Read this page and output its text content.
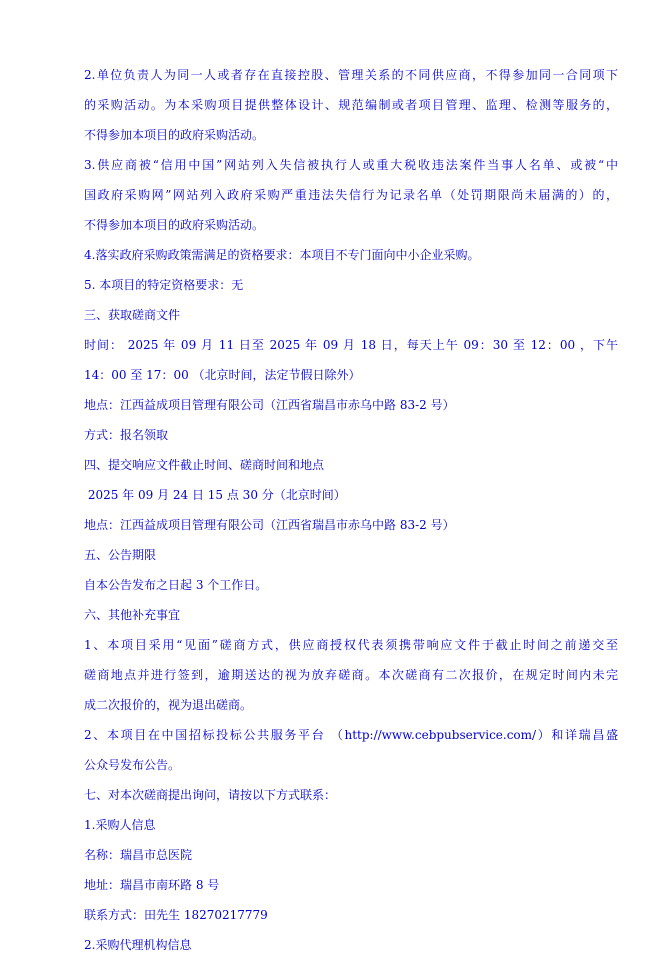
2.单位负责人为同一人或者存在直接控股、管理关系的不同供应商，不得参加同一合同项下
的采购活动。为本采购项目提供整体设计、规范编制或者项目管理、监理、检测等服务的，
不得参加本项目的政府采购活动。
3.供应商被“信用中国”网站列入失信被执行人或重大税收违法案件当事人名单、或被“中
国政府采购网”网站列入政府采购严重违法失信行为记录名单（处罚期限尚未届满的）的，
不得参加本项目的政府采购活动。
4.落实政府采购政策需满足的资格要求：本项目不专门面向中小企业采购。
5. 本项目的特定资格要求：无
三、获取磋商文件
时间： 2025 年 09 月 11 日至 2025 年 09 月 18 日，每天上午 09：30 至 12：00 ，下午
14：00 至 17：00 （北京时间，法定节假日除外）
地点：江西益成项目管理有限公司（江西省瑞昌市赤乌中路 83-2 号）
方式：报名领取
四、提交响应文件截止时间、磋商时间和地点
2025 年 09 月 24 日 15 点 30 分（北京时间）
地点：江西益成项目管理有限公司（江西省瑞昌市赤乌中路 83-2 号）
五、公告期限
自本公告发布之日起 3 个工作日。
六、其他补充事宜
1、本项目采用“见面”磋商方式，供应商授权代表须携带响应文件于截止时间之前递交至
磋商地点并进行签到，逾期送达的视为放弃磋商。本次磋商有二次报价，在规定时间内未完
成二次报价的，视为退出磋商。
2、本项目在中国招标投标公共服务平台 （http://www.cebpubservice.com/）和详瑞昌盛
公众号发布公告。
七、对本次磋商提出询问，请按以下方式联系：
1.采购人信息
名称：瑞昌市总医院
地址：瑞昌市南环路 8 号
联系方式：田先生 18270217779
2.采购代理机构信息
